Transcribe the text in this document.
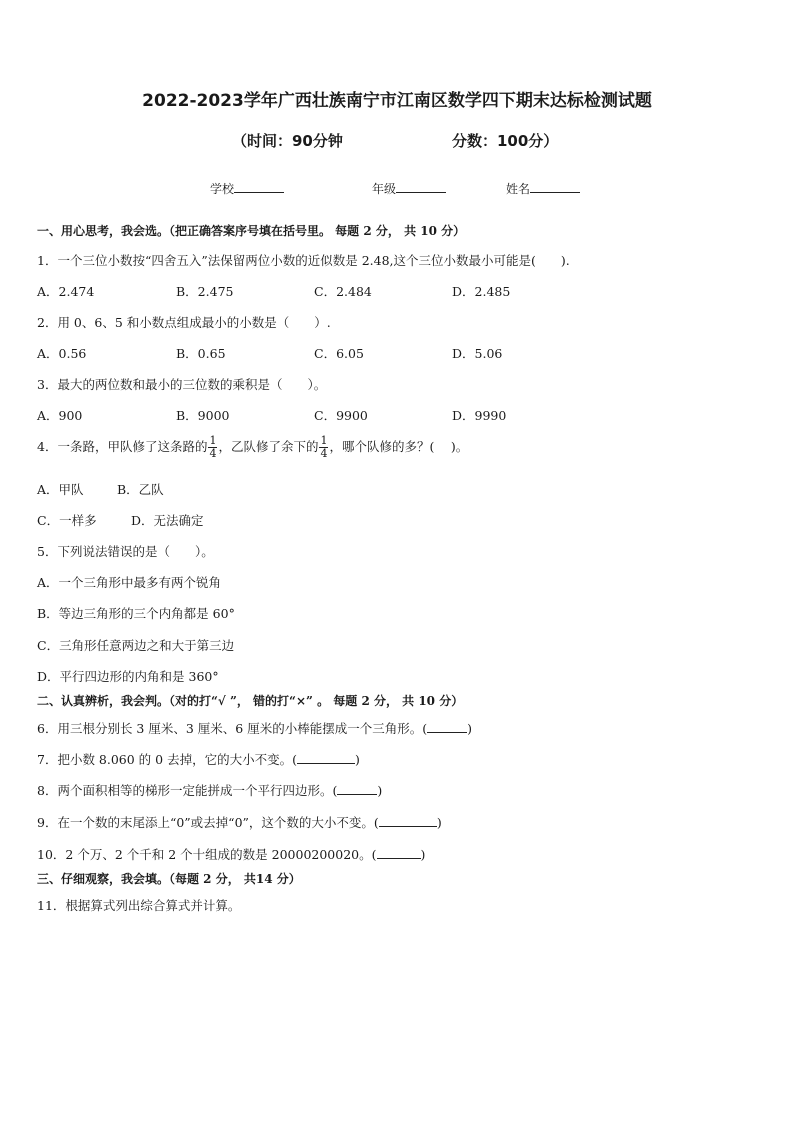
2022-2023学年广西壮族南宁市江南区数学四下期末达标检测试题
（时间：90分钟	分数：100分）
学校	年级	姓名
一、用心思考，我会选。（把正确答案序号填在括号里。 每题 2 分， 共 10 分）
1．一个三位小数按“四舍五入”法保留两位小数的近似数是 2.48,这个三位小数最小可能是(　　).
A．2.474	B．2.475	C．2.484	D．2.485
2．用 0、6、5 和小数点组成最小的小数是（　　）.
A．0.56	B．0.65	C．6.05	D．5.06
3．最大的两位数和最小的三位数的乘积是（　　）。
A．900	B．9000	C．9900	D．9990
4．一条路，甲队修了这条路的 $\frac{1}{4}$ ，乙队修了余下的 $\frac{1}{4}$ ，哪个队修的多？(　 )。
A．甲队	B．乙队
C．一样多	D．无法确定
5．下列说法错误的是（　　）。
A．一个三角形中最多有两个锐角
B．等边三角形的三个内角都是 60°
C．三角形任意两边之和大于第三边
D．平行四边形的内角和是 360°
二、认真辨析，我会判。（对的打“√ ”， 错的打“×” 。 每题 2 分， 共 10 分）
6．用三根分别长 3 厘米、3 厘米、6 厘米的小棒能摆成一个三角形。(	)
7．把小数 8.060 的 0 去掉，它的大小不变。(	)
8．两个面积相等的梯形一定能拼成一个平行四边形。(	)
9．在一个数的末尾添上“0”或去掉“0”，这个数的大小不变。(	)
10．2 个万、2 个千和 2 个十组成的数是 20000200020。(	)
三、仔细观察，我会填。（每题 2 分， 共14 分）
11．根据算式列出综合算式并计算。
